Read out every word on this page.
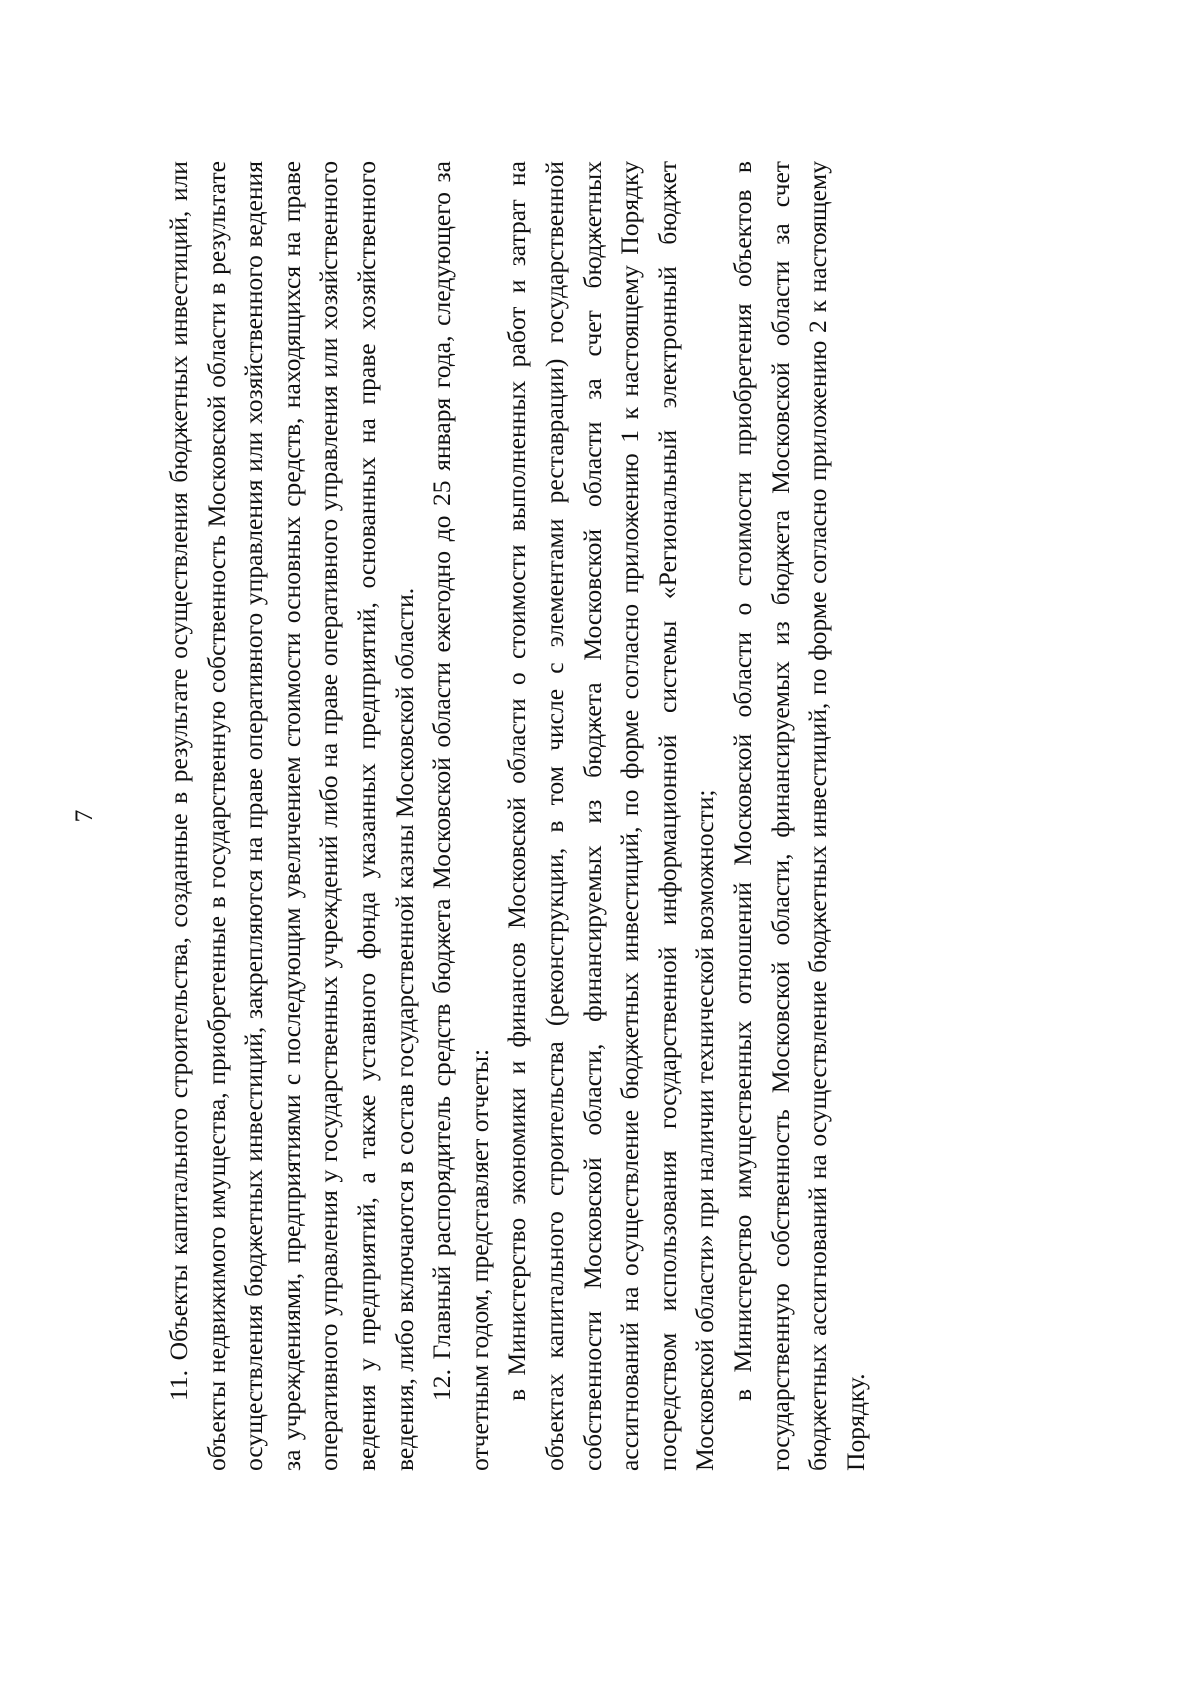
7	11. Объекты капитального строительства, созданные в результате осуществления бюджетных инвестиций, или объекты недвижимого имущества, приобретенные в государственную собственность Московской области в результате осуществления бюджетных инвестиций, закрепляются на праве оперативного управления или хозяйственного ведения за учреждениями, предприятиями с последующим увеличением стоимости основных средств, находящихся на праве оперативного управления у государственных учреждений либо на праве оперативного управления или хозяйственного ведения у предприятий, а также уставного фонда указанных предприятий, основанных на праве хозяйственного ведения, либо включаются в состав государственной казны Московской области. 12. Главный распорядитель средств бюджета Московской области ежегодно до 25 января года, следующего за отчетным годом, представляет отчеты: в Министерство экономики и финансов Московской области о стоимости выполненных работ и затрат на объектах капитального строительства (реконструкции, в том числе с элементами реставрации) государственной собственности Московской области, финансируемых из бюджета Московской области за счет бюджетных ассигнований на осуществление бюджетных инвестиций, по форме согласно приложению 1 к настоящему Порядку посредством использования государственной информационной системы «Региональный электронный бюджет Московской области» при наличии технической возможности; в Министерство имущественных отношений Московской области о стоимости приобретения объектов в государственную собственность Московской области, финансируемых из бюджета Московской области за счет бюджетных ассигнований на осуществление бюджетных инвестиций, по форме согласно приложению 2 к настоящему Порядку.
